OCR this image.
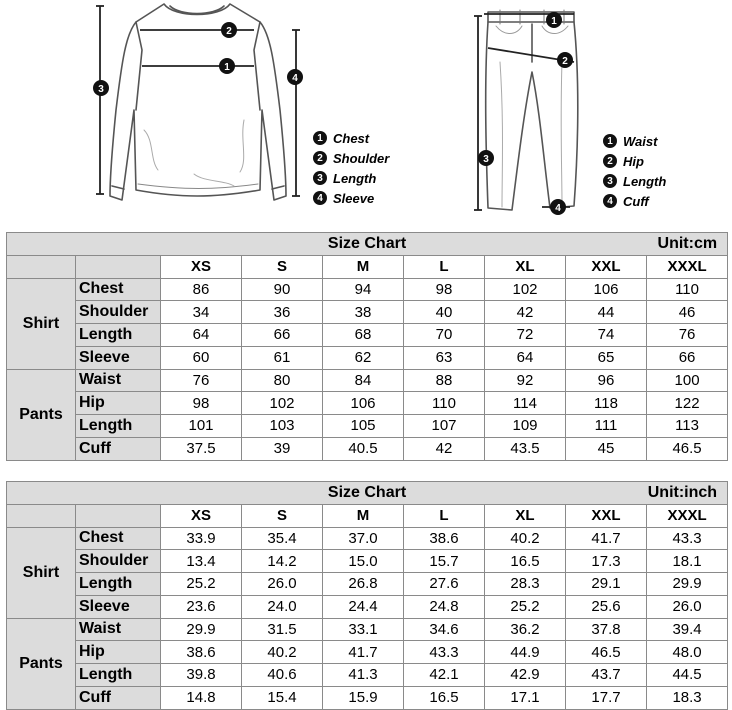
1
2
3
4
1 Chest
2 Shoulder
3 Length
4 Sleeve
1
2
3
4
1 Waist
2 Hip
3 Length
4 Cuff
Size Chart Unit:cm								

		XS	S	M	L	XL	XXL	XXXL
Shirt	Chest	86	90	94	98	102	106	110
	Shoulder	34	36	38	40	42	44	46
	Length	64	66	68	70	72	74	76
	Sleeve	60	61	62	63	64	65	66
Pants	Waist	76	80	84	88	92	96	100
	Hip	98	102	106	110	114	118	122
	Length	101	103	105	107	109	111	113
	Cuff	37.5	39	40.5	42	43.5	45	46.5
Size Chart Unit:inch								

		XS	S	M	L	XL	XXL	XXXL
Shirt	Chest	33.9	35.4	37.0	38.6	40.2	41.7	43.3
	Shoulder	13.4	14.2	15.0	15.7	16.5	17.3	18.1
	Length	25.2	26.0	26.8	27.6	28.3	29.1	29.9
	Sleeve	23.6	24.0	24.4	24.8	25.2	25.6	26.0
Pants	Waist	29.9	31.5	33.1	34.6	36.2	37.8	39.4
	Hip	38.6	40.2	41.7	43.3	44.9	46.5	48.0
	Length	39.8	40.6	41.3	42.1	42.9	43.7	44.5
	Cuff	14.8	15.4	15.9	16.5	17.1	17.7	18.3
